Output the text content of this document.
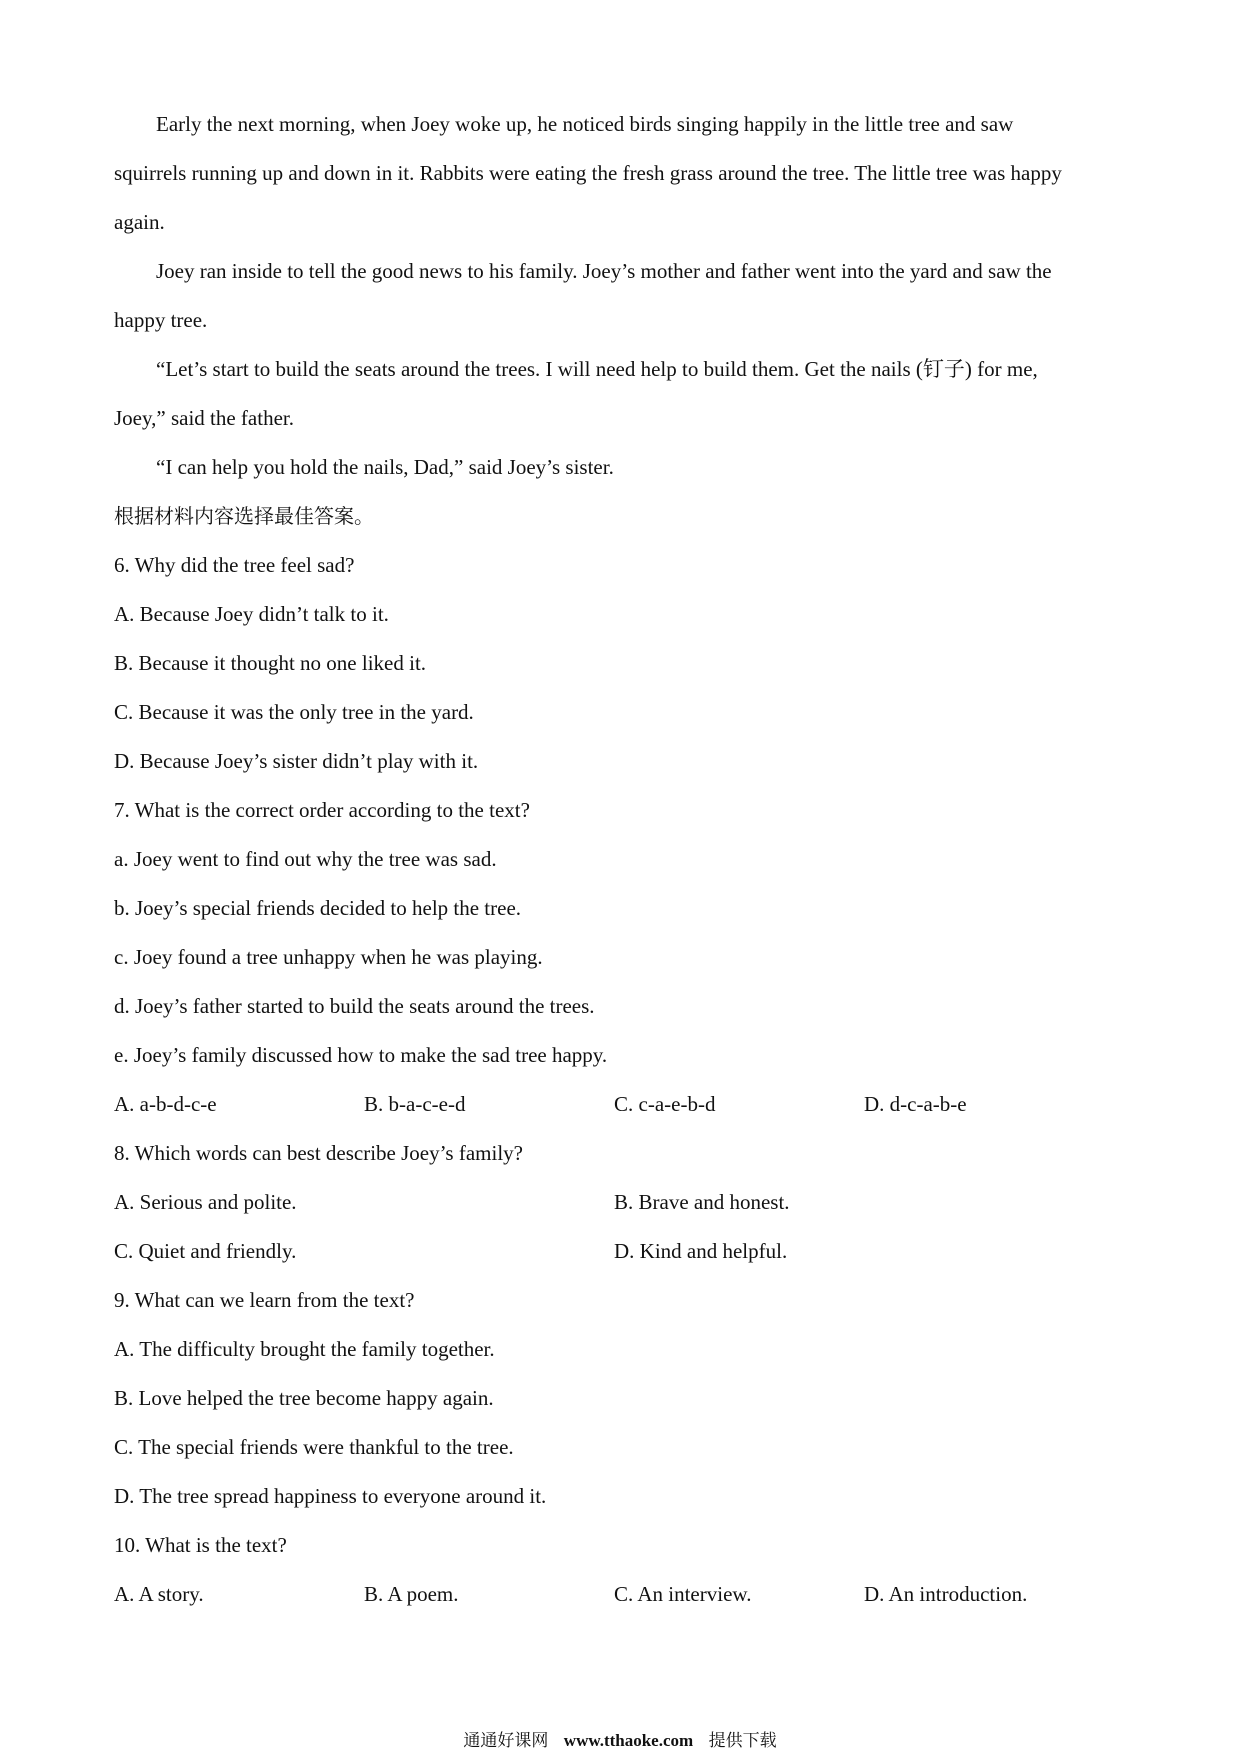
Early the next morning, when Joey woke up, he noticed birds singing happily in the little tree and saw
squirrels running up and down in it. Rabbits were eating the fresh grass around the tree. The little tree was happy
again.
Joey ran inside to tell the good news to his family. Joey’s mother and father went into the yard and saw the
happy tree.
“Let’s start to build the seats around the trees. I will need help to build them. Get the nails (钉子) for me,
Joey,” said the father.
“I can help you hold the nails, Dad,” said Joey’s sister.
根据材料内容选择最佳答案。
6. Why did the tree feel sad?
A. Because Joey didn’t talk to it.
B. Because it thought no one liked it.
C. Because it was the only tree in the yard.
D. Because Joey’s sister didn’t play with it.
7. What is the correct order according to the text?
a. Joey went to find out why the tree was sad.
b. Joey’s special friends decided to help the tree.
c. Joey found a tree unhappy when he was playing.
d. Joey’s father started to build the seats around the trees.
e. Joey’s family discussed how to make the sad tree happy.
A. a-b-d-c-e	B. b-a-c-e-d	C. c-a-e-b-d	D. d-c-a-b-e
8. Which words can best describe Joey’s family?
A. Serious and polite.	B. Brave and honest.
C. Quiet and friendly.	D. Kind and helpful.
9. What can we learn from the text?
A. The difficulty brought the family together.
B. Love helped the tree become happy again.
C. The special friends were thankful to the tree.
D. The tree spread happiness to everyone around it.
10. What is the text?
A. A story.	B. A poem.	C. An interview.	D. An introduction.
通通好课网 www.tthaoke.com 提供下载
